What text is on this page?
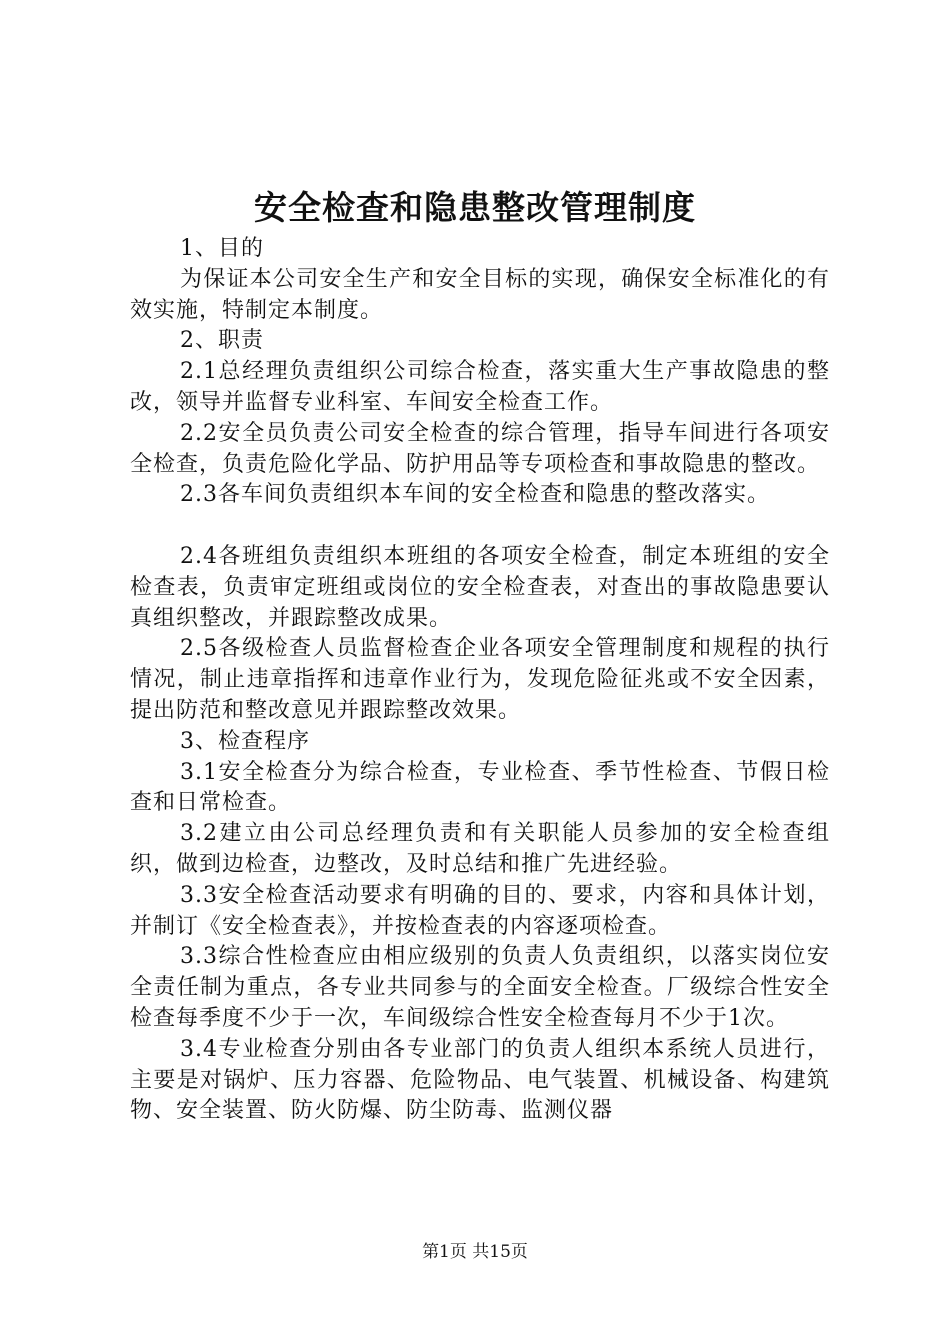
安全检查和隐患整改管理制度

1、目的

为保证本公司安全生产和安全目标的实现，确保安全标准化的有效实施，特制定本制度。

2、职责

2.1总经理负责组织公司综合检查，落实重大生产事故隐患的整改，领导并监督专业科室、车间安全检查工作。

2.2安全员负责公司安全检查的综合管理，指导车间进行各项安全检查，负责危险化学品、防护用品等专项检查和事故隐患的整改。

2.3各车间负责组织本车间的安全检查和隐患的整改落实。

2.4各班组负责组织本班组的各项安全检查，制定本班组的安全检查表，负责审定班组或岗位的安全检查表，对查出的事故隐患要认真组织整改，并跟踪整改成果。

2.5各级检查人员监督检查企业各项安全管理制度和规程的执行情况，制止违章指挥和违章作业行为，发现危险征兆或不安全因素，提出防范和整改意见并跟踪整改效果。

3、检查程序

3.1安全检查分为综合检查，专业检查、季节性检查、节假日检查和日常检查。

3.2建立由公司总经理负责和有关职能人员参加的安全检查组织，做到边检查，边整改，及时总结和推广先进经验。

3.3安全检查活动要求有明确的目的、要求，内容和具体计划，并制订《安全检查表》，并按检查表的内容逐项检查。

3.3综合性检查应由相应级别的负责人负责组织，以落实岗位安全责任制为重点，各专业共同参与的全面安全检查。厂级综合性安全检查每季度不少于一次，车间级综合性安全检查每月不少于1次。

3.4专业检查分别由各专业部门的负责人组织本系统人员进行，主要是对锅炉、压力容器、危险物品、电气装置、机械设备、构建筑物、安全装置、防火防爆、防尘防毒、监测仪器

第1页 共15页
